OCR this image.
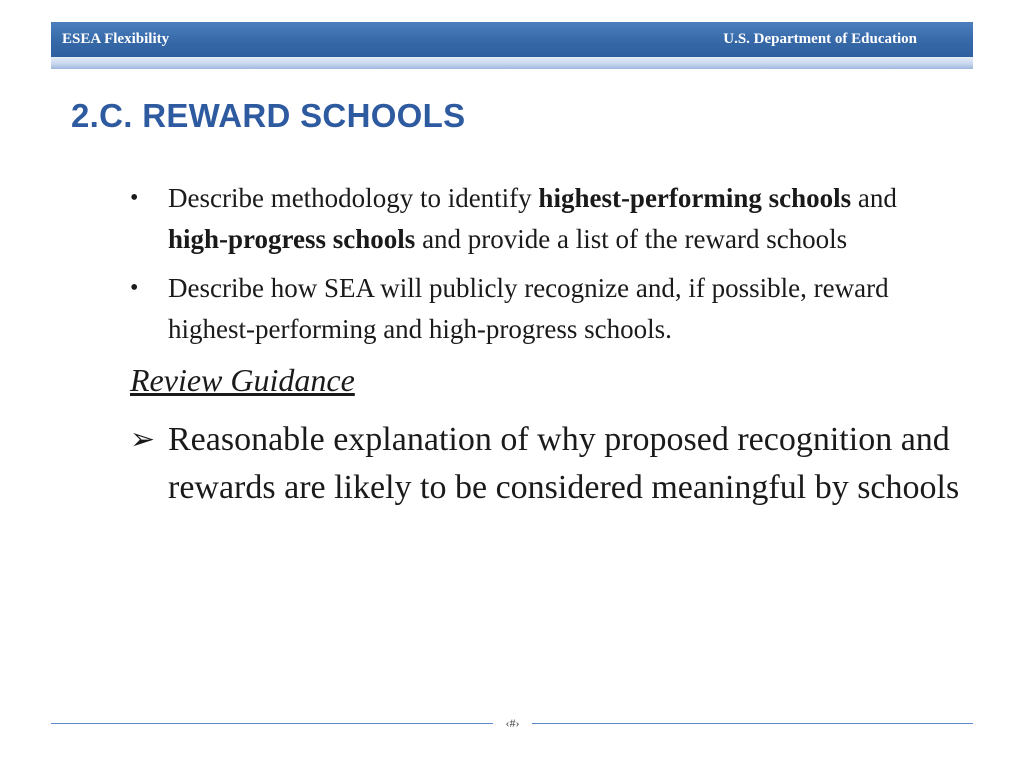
ESEA Flexibility	U.S. Department of Education
2.C. REWARD SCHOOLS
• Describe methodology to identify highest-performing schools and high-progress schools and provide a list of the reward schools
• Describe how SEA will publicly recognize and, if possible, reward highest-performing and high-progress schools.
Review Guidance
➢ Reasonable explanation of why proposed recognition and rewards are likely to be considered meaningful by schools
‹#›
